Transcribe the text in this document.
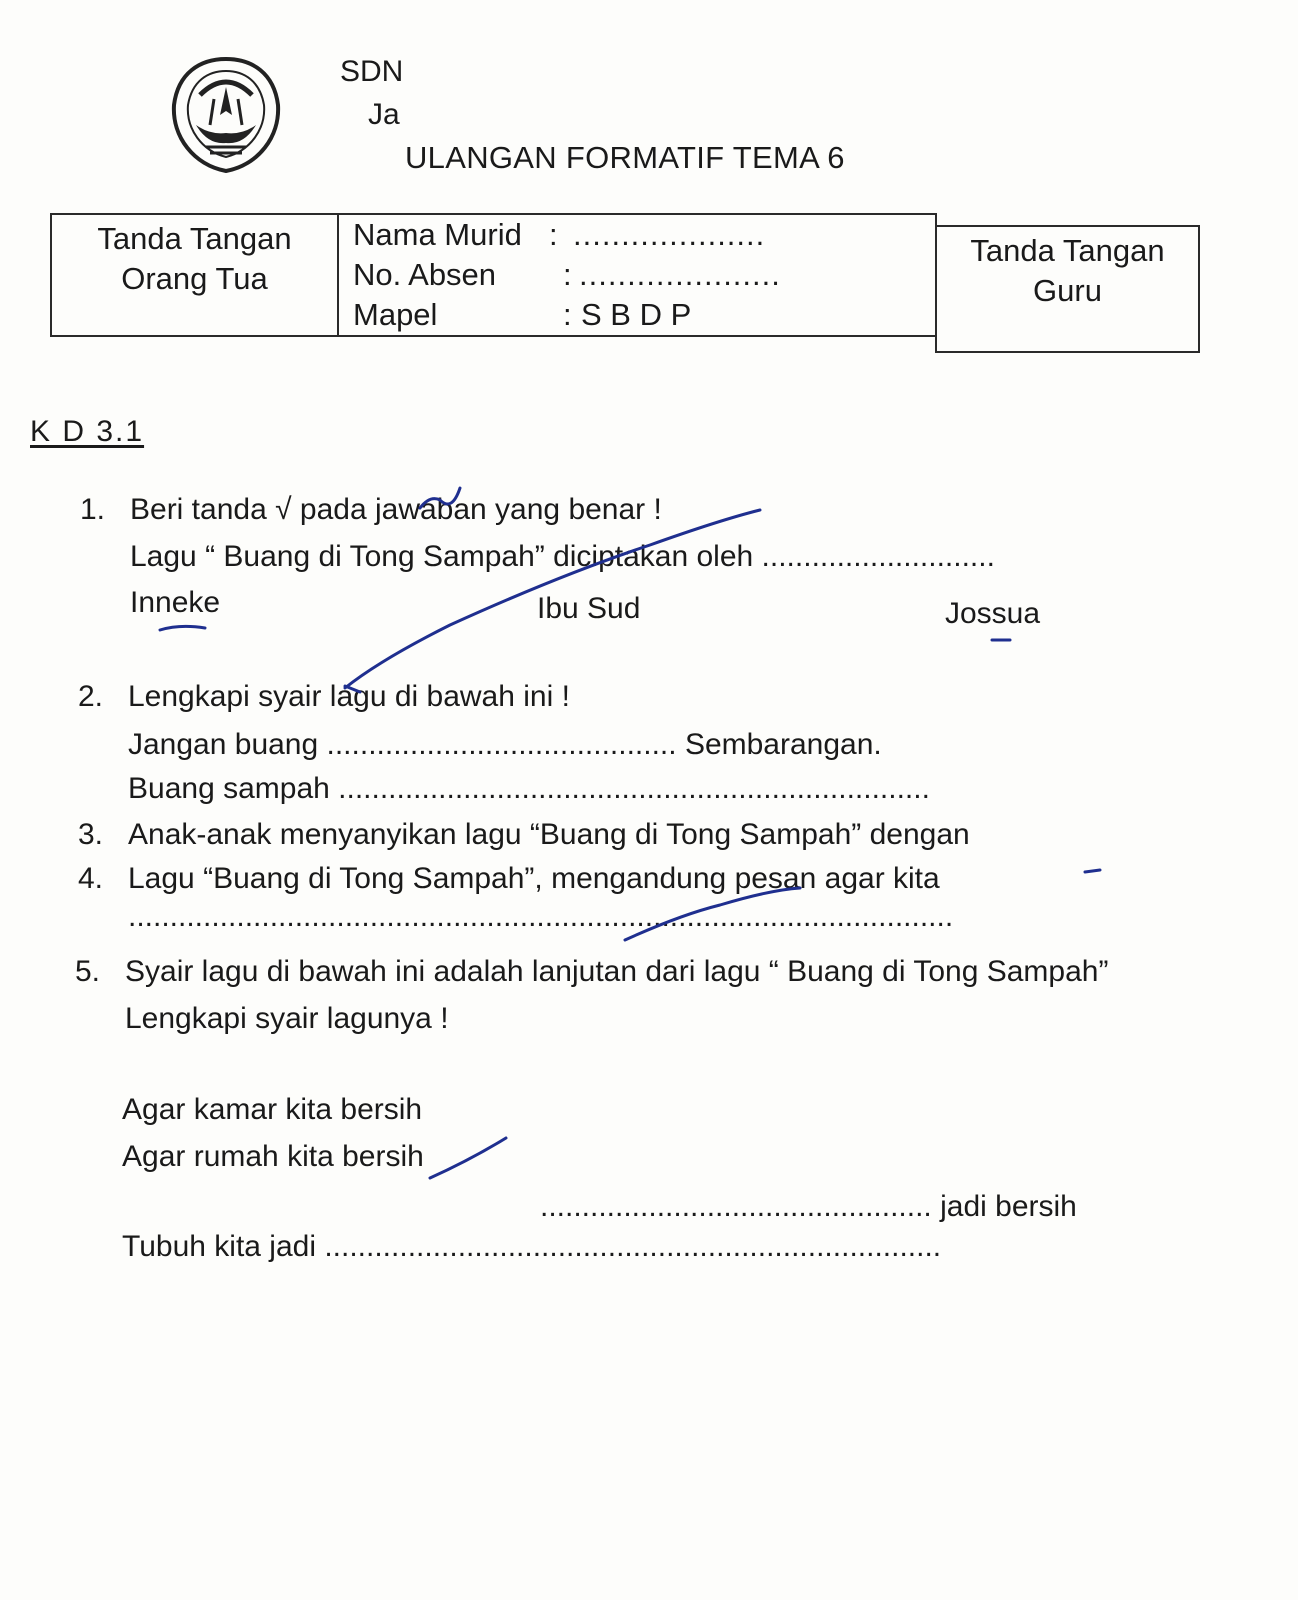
SDN
Ja
ULANGAN FORMATIF TEMA 6
Tanda Tangan
Orang Tua
Nama Murid : ....................
No. Absen : .....................
Mapel	: S B D P
Tanda Tangan
Guru
K D 3.1
1. Beri tanda √ pada jawaban yang benar !
Lagu “ Buang di Tong Sampah” diciptakan oleh ............................
Inneke	Ibu Sud	Jossua
2. Lengkapi syair lagu di bawah ini !
Jangan buang .......................................... Sembarangan.
Buang sampah .......................................................................
3. Anak-anak menyanyikan lagu “Buang di Tong Sampah” dengan
4. Lagu “Buang di Tong Sampah”, mengandung pesan agar kita
...................................................................................................
5. Syair lagu di bawah ini adalah lanjutan dari lagu “ Buang di Tong Sampah”
Lengkapi syair lagunya !
Agar kamar kita bersih
Agar rumah kita bersih
............................................... jadi bersih
Tubuh kita jadi ..........................................................................
